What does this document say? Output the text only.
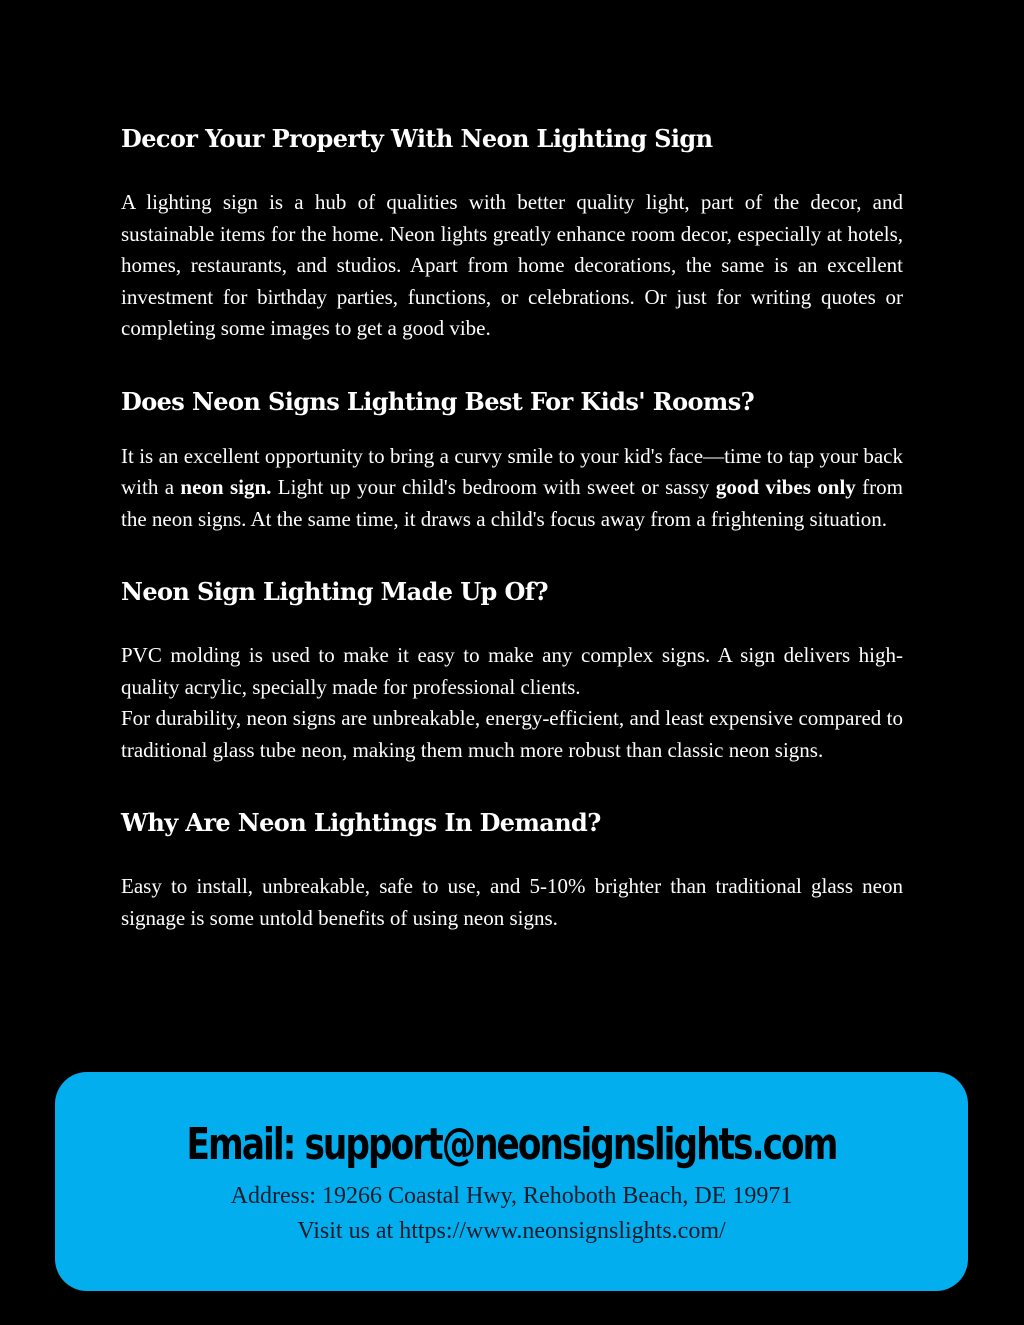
Decor Your Property With Neon Lighting Sign

A lighting sign is a hub of qualities with better quality light, part of the decor, and sustainable items for the home. Neon lights greatly enhance room decor, especially at hotels, homes, restaurants, and studios. Apart from home decorations, the same is an excellent investment for birthday parties, functions, or celebrations. Or just for writing quotes or completing some images to get a good vibe.

Does Neon Signs Lighting Best For Kids' Rooms?

It is an excellent opportunity to bring a curvy smile to your kid's face—time to tap your back with a neon sign. Light up your child's bedroom with sweet or sassy good vibes only from the neon signs. At the same time, it draws a child's focus away from a frightening situation.

Neon Sign Lighting Made Up Of?

PVC molding is used to make it easy to make any complex signs. A sign delivers high-quality acrylic, specially made for professional clients.

For durability, neon signs are unbreakable, energy-efficient, and least expensive compared to traditional glass tube neon, making them much more robust than classic neon signs.

Why Are Neon Lightings In Demand?

Easy to install, unbreakable, safe to use, and 5-10% brighter than traditional glass neon signage is some untold benefits of using neon signs.

Email: support@neonsignslights.com
Address: 19266 Coastal Hwy, Rehoboth Beach, DE 19971
Visit us at https://www.neonsignslights.com/
